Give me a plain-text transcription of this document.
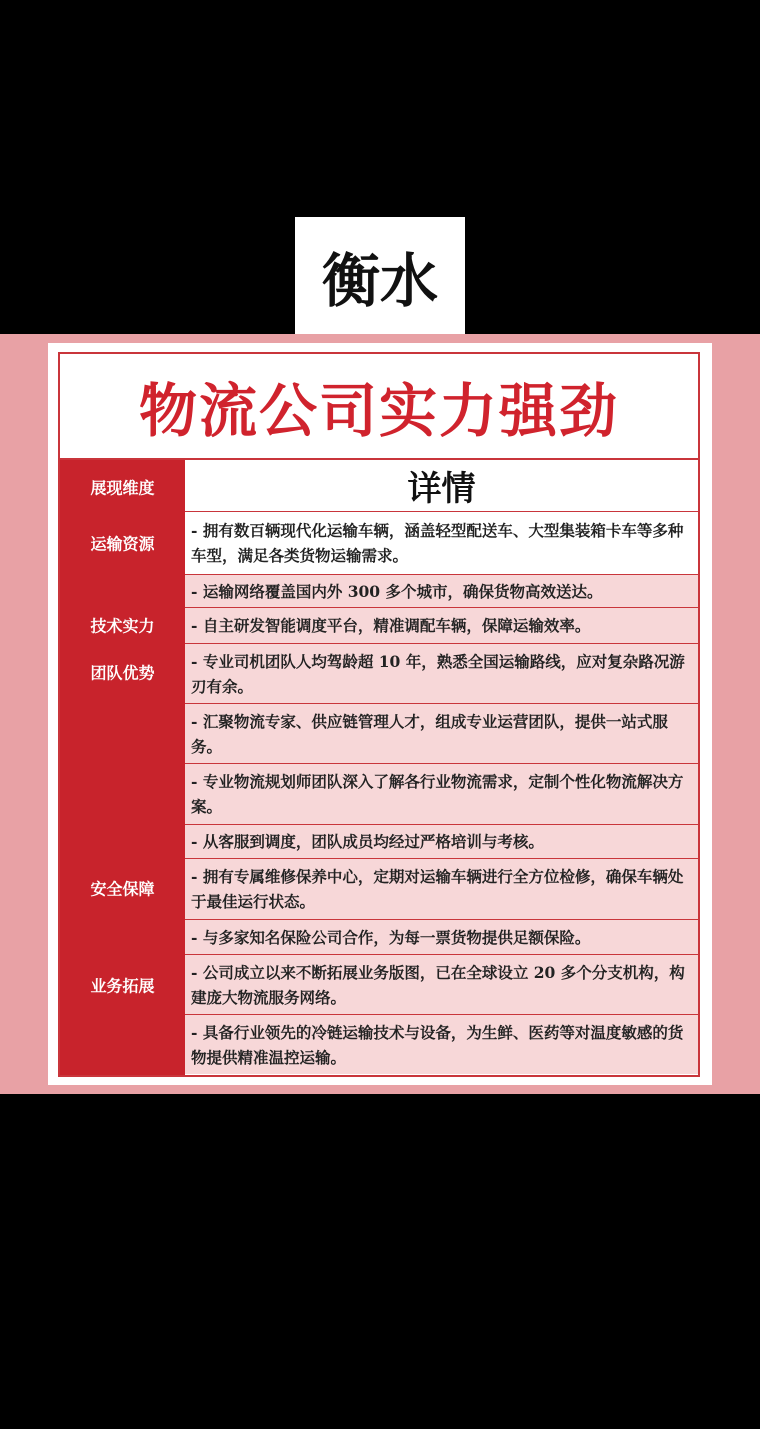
衡水
物流公司实力强劲
展现维度
运输资源
技术实力
团队优势
安全保障
业务拓展
详情
- 拥有数百辆现代化运输车辆，涵盖轻型配送车、大型集装箱卡车等多种车型，满足各类货物运输需求。
- 运输网络覆盖国内外 300 多个城市，确保货物高效送达。
- 自主研发智能调度平台，精准调配车辆，保障运输效率。
- 专业司机团队人均驾龄超 10 年，熟悉全国运输路线，应对复杂路况游刃有余。
- 汇聚物流专家、供应链管理人才，组成专业运营团队，提供一站式服务。
- 专业物流规划师团队深入了解各行业物流需求，定制个性化物流解决方案。
- 从客服到调度，团队成员均经过严格培训与考核。
- 拥有专属维修保养中心，定期对运输车辆进行全方位检修，确保车辆处于最佳运行状态。
- 与多家知名保险公司合作，为每一票货物提供足额保险。
- 公司成立以来不断拓展业务版图，已在全球设立 20 多个分支机构，构建庞大物流服务网络。
- 具备行业领先的冷链运输技术与设备，为生鲜、医药等对温度敏感的货物提供精准温控运输。
